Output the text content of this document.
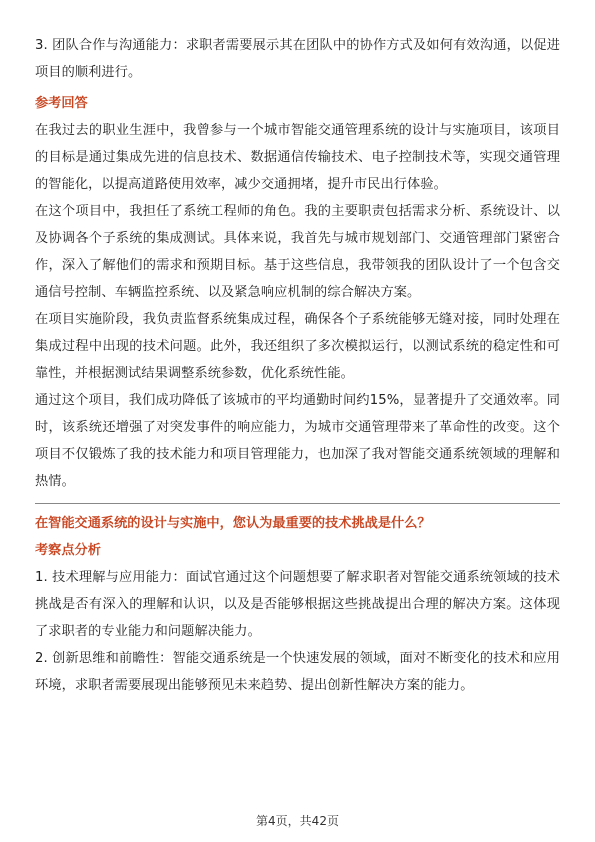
3. 团队合作与沟通能力：求职者需要展示其在团队中的协作方式及如何有效沟通，以促进项目的顺利进行。

参考回答

在我过去的职业生涯中，我曾参与一个城市智能交通管理系统的设计与实施项目，该项目的目标是通过集成先进的信息技术、数据通信传输技术、电子控制技术等，实现交通管理的智能化，以提高道路使用效率，减少交通拥堵，提升市民出行体验。

在这个项目中，我担任了系统工程师的角色。我的主要职责包括需求分析、系统设计、以及协调各个子系统的集成测试。具体来说，我首先与城市规划部门、交通管理部门紧密合作，深入了解他们的需求和预期目标。基于这些信息，我带领我的团队设计了一个包含交通信号控制、车辆监控系统、以及紧急响应机制的综合解决方案。

在项目实施阶段，我负责监督系统集成过程，确保各个子系统能够无缝对接，同时处理在集成过程中出现的技术问题。此外，我还组织了多次模拟运行，以测试系统的稳定性和可靠性，并根据测试结果调整系统参数，优化系统性能。

通过这个项目，我们成功降低了该城市的平均通勤时间约15%，显著提升了交通效率。同时，该系统还增强了对突发事件的响应能力，为城市交通管理带来了革命性的改变。这个项目不仅锻炼了我的技术能力和项目管理能力，也加深了我对智能交通系统领域的理解和热情。

在智能交通系统的设计与实施中，您认为最重要的技术挑战是什么？
考察点分析

1. 技术理解与应用能力：面试官通过这个问题想要了解求职者对智能交通系统领域的技术挑战是否有深入的理解和认识，以及是否能够根据这些挑战提出合理的解决方案。这体现了求职者的专业能力和问题解决能力。

2. 创新思维和前瞻性：智能交通系统是一个快速发展的领域，面对不断变化的技术和应用环境，求职者需要展现出能够预见未来趋势、提出创新性解决方案的能力。

第4页，共42页
